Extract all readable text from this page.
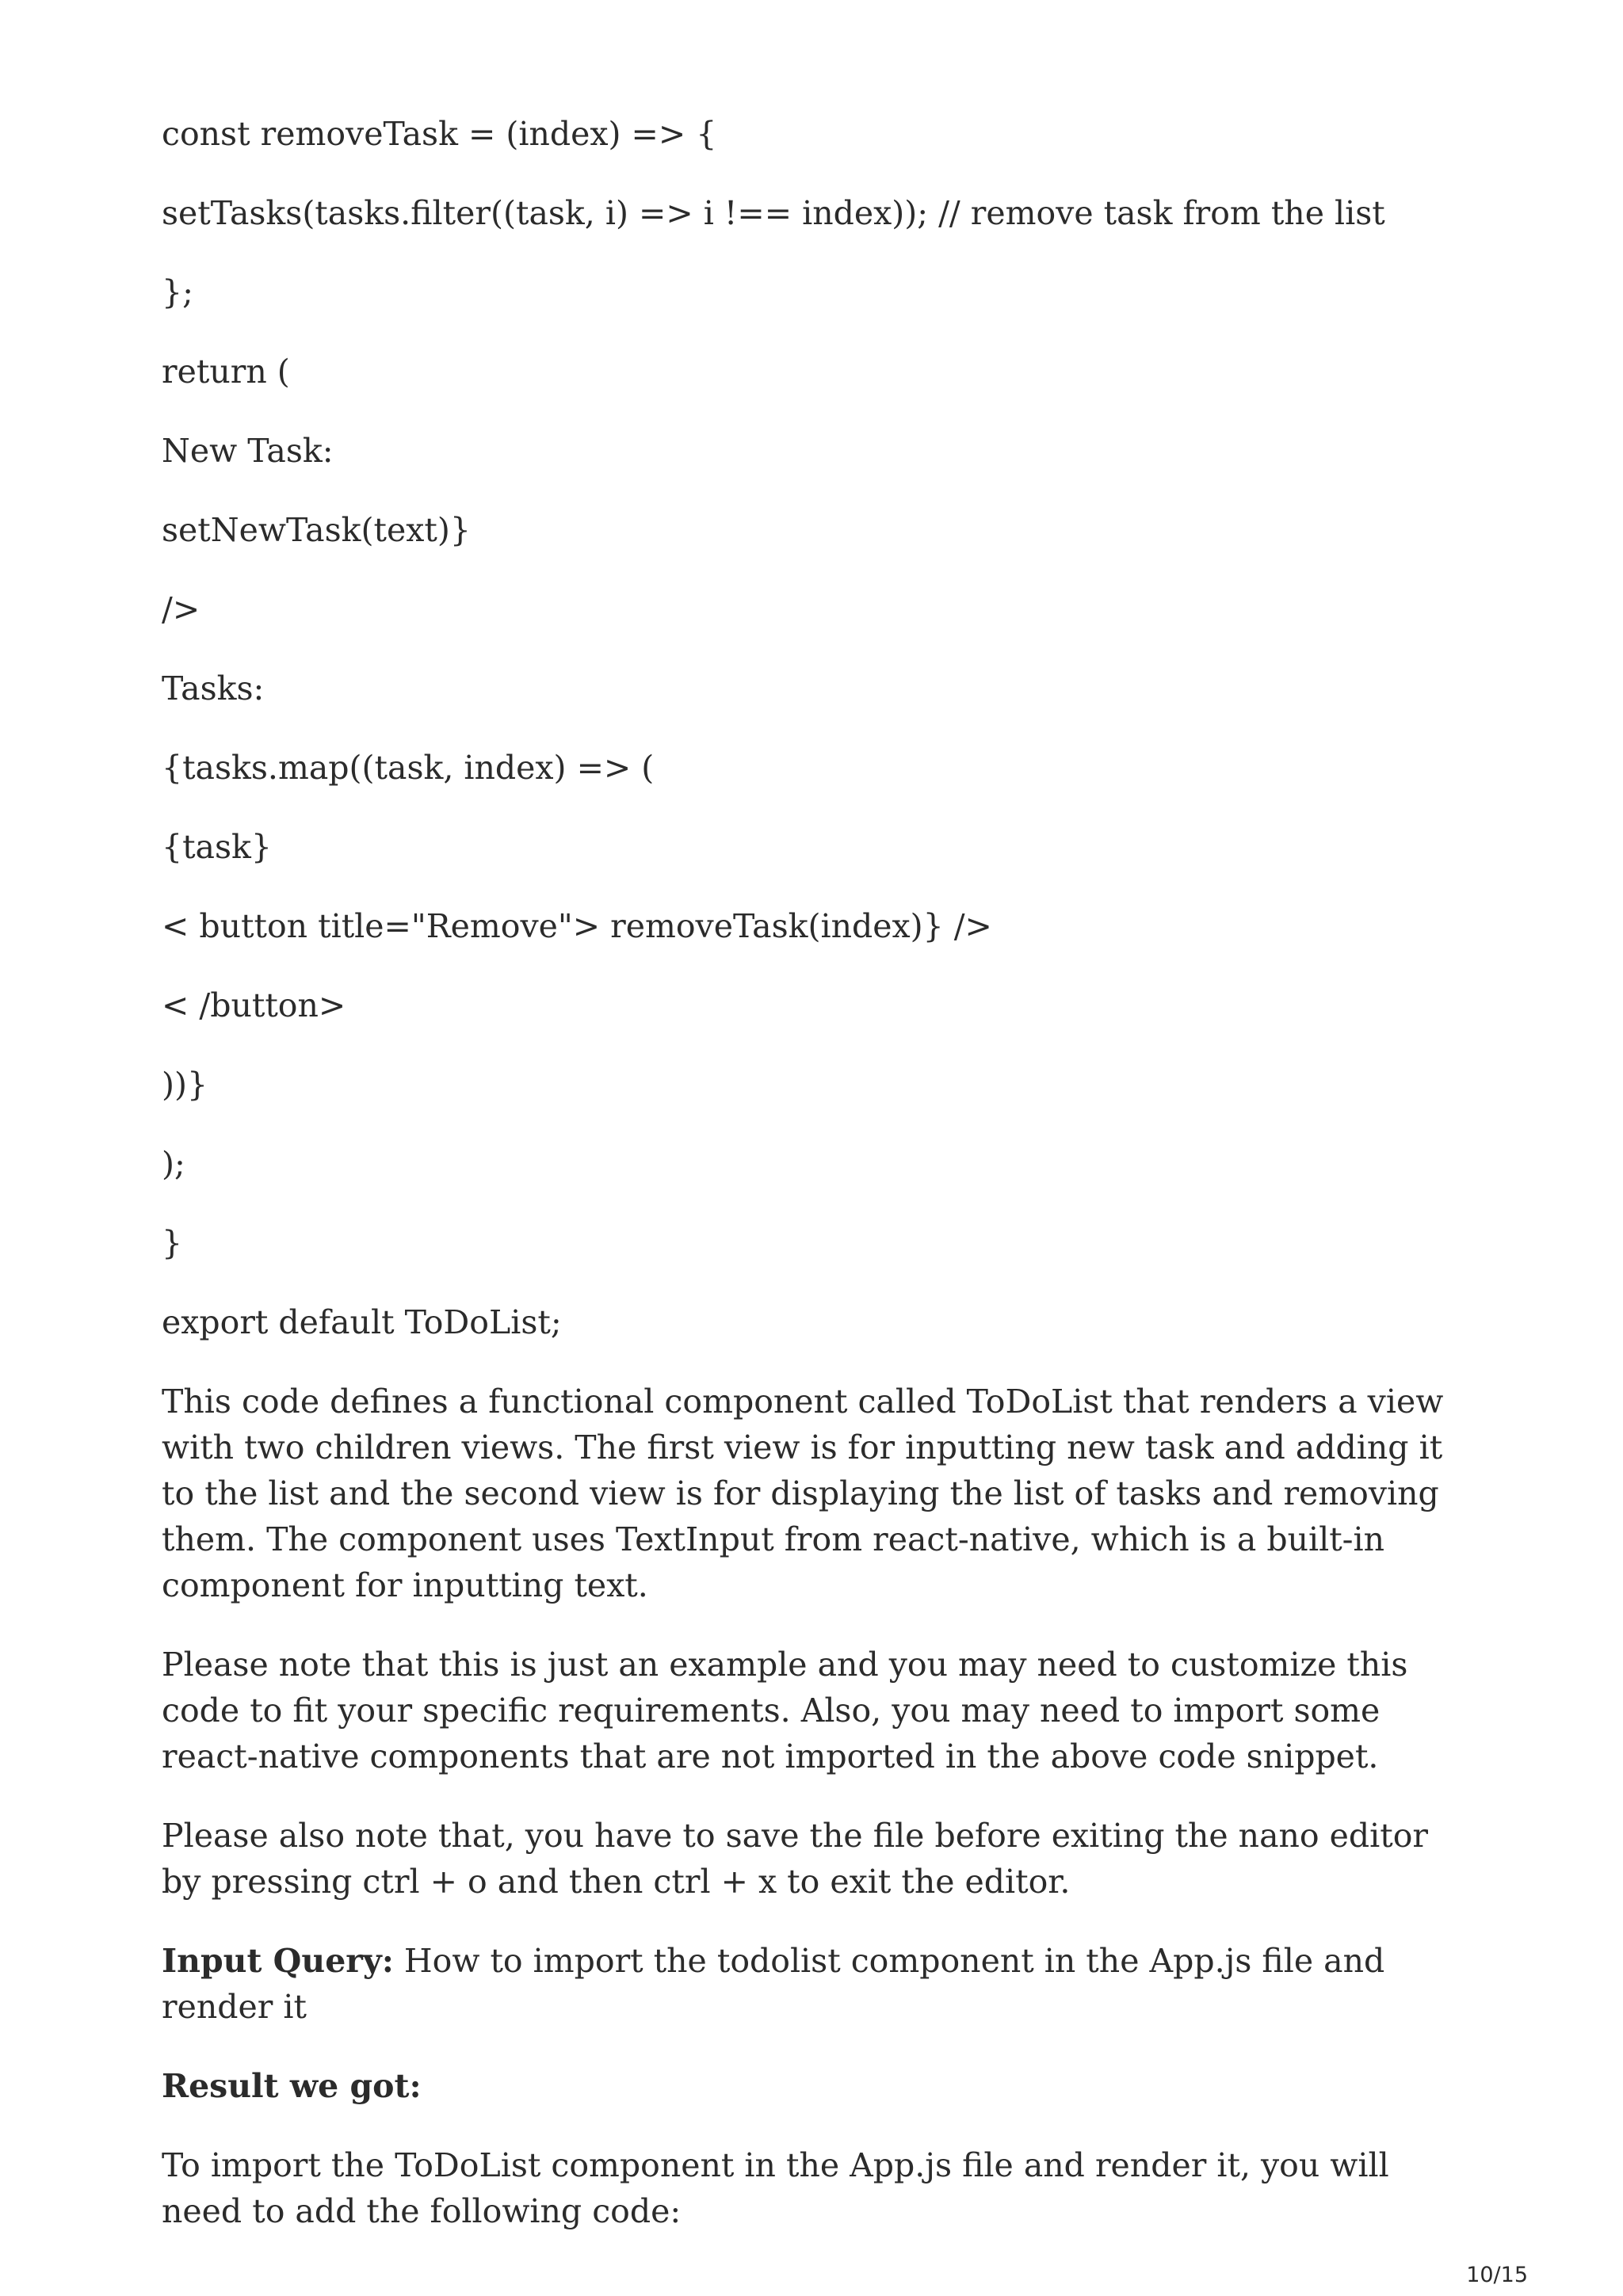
const removeTask = (index) => {
setTasks(tasks.filter((task, i) => i !== index)); // remove task from the list
};
return (
New Task:
setNewTask(text)}
/>
Tasks:
{tasks.map((task, index) => (
{task}
< button title="Remove"> removeTask(index)} />
< /button>
))}
);
}
export default ToDoList;

This code defines a functional component called ToDoList that renders a view with two children views. The first view is for inputting new task and adding it to the list and the second view is for displaying the list of tasks and removing them. The component uses TextInput from react-native, which is a built-in component for inputting text.

Please note that this is just an example and you may need to customize this code to fit your specific requirements. Also, you may need to import some react-native components that are not imported in the above code snippet.

Please also note that, you have to save the file before exiting the nano editor by pressing ctrl + o and then ctrl + x to exit the editor.

Input Query: How to import the todolist component in the App.js file and render it

Result we got:

To import the ToDoList component in the App.js file and render it, you will need to add the following code:

10/15
